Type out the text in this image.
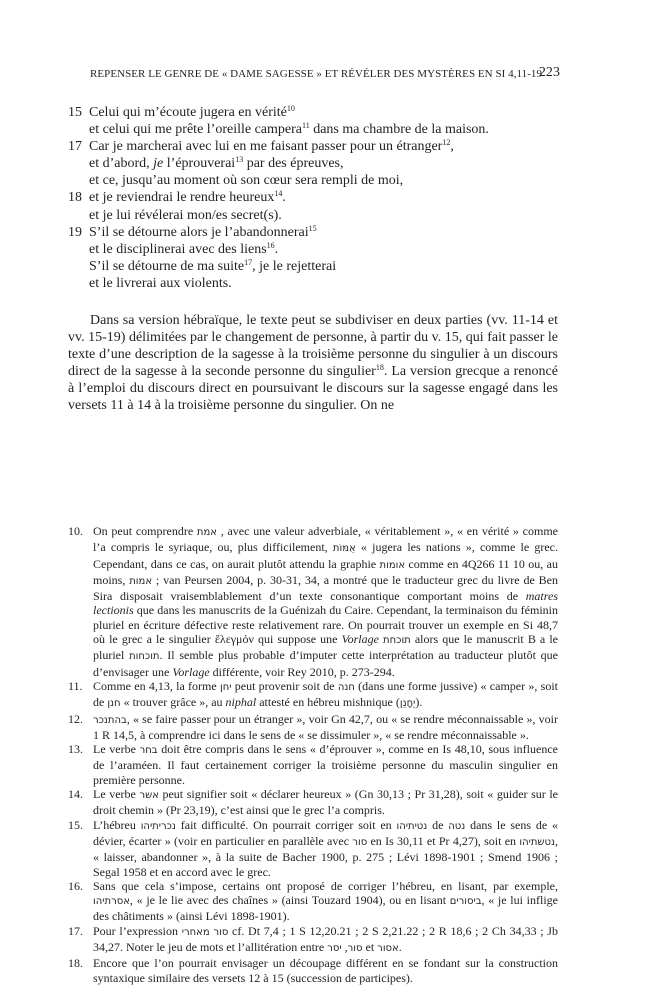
REPENSER LE GENRE DE « DAME SAGESSE » ET RÉVÉLER DES MYSTÈRES EN SI 4,11-19
223
15 Celui qui m’écoute jugera en vérité$^{10}$
et celui qui me prête l’oreille campera$^{11}$ dans ma chambre de la maison.
17 Car je marcherai avec lui en me faisant passer pour un étranger$^{12}$,
et d’abord, je l’éprouverai$^{13}$ par des épreuves,
et ce, jusqu’au moment où son cœur sera rempli de moi,
18 et je reviendrai le rendre heureux$^{14}$.
et je lui révélerai mon/es secret(s).
19 S’il se détourne alors je l’abandonnerai$^{15}$
et le disciplinerai avec des liens$^{16}$.
S’il se détourne de ma suite$^{17}$, je le rejetterai
et le livrerai aux violents.

Dans sa version hébraïque, le texte peut se subdiviser en deux parties (vv. 11-14 et vv. 15-19) délimitées par le changement de personne, à partir du v. 15, qui fait passer le texte d’une description de la sagesse à la troisième personne du singulier à un discours direct de la sagesse à la seconde personne du singulier$^{18}$. La version grecque a renoncé à l’emploi du discours direct en poursuivant le discours sur la sagesse engagé dans les versets 11 à 14 à la troisième personne du singulier. On ne

10. On peut comprendre אמת , avec une valeur adverbiale, « véritablement », « en vérité » comme l’a compris le syriaque, ou, plus difficilement, אֻמּוֹת « jugera les nations », comme le grec. Cependant, dans ce cas, on aurait plutôt attendu la graphie אומות comme en 4Q266 11 10 ou, au moins, אמות ; van Peursen 2004, p. 30-31, 34, a montré que le traducteur grec du livre de Ben Sira disposait vraisemblablement d’un texte consonantique comportant moins de matres lectionis que dans les manuscrits de la Guénizah du Caire. Cependant, la terminaison du féminin pluriel en écriture défective reste relativement rare. On pourrait trouver un exemple en Si 48,7 où le grec a le singulier ἔλεγμόν qui suppose une Vorlage תוכחת alors que le manuscrit B a le pluriel תוכחות. Il semble plus probable d’imputer cette interprétation au traducteur plutôt que d’envisager une Vorlage différente, voir Rey 2010, p. 273-294.

11. Comme en 4,13, la forme יחן peut provenir soit de חנה (dans une forme jussive) « camper », soit de חנן « trouver grâce », au niphal attesté en hébreu mishnique (יֵחָנֵן).

12. בהתנכר, « se faire passer pour un étranger », voir Gn 42,7, ou « se rendre méconnaissable », voir 1 R 14,5, à comprendre ici dans le sens de « se dissimuler », « se rendre méconnaissable ».

13. Le verbe בחר doit être compris dans le sens « d’éprouver », comme en Is 48,10, sous influence de l’araméen. Il faut certainement corriger la troisième personne du masculin singulier en première personne.

14. Le verbe אשר peut signifier soit « déclarer heureux » (Gn 30,13 ; Pr 31,28), soit « guider sur le droit chemin » (Pr 23,19), c’est ainsi que le grec l’a compris.

15. L’hébreu נכריתיהו fait difficulté. On pourrait corriger soit en נטיתיהו de נטה dans le sens de « dévier, écarter » (voir en particulier en parallèle avec סור en Is 30,11 et Pr 4,27), soit en נטשתיהו, « laisser, abandonner », à la suite de Bacher 1900, p. 275 ; Lévi 1898-1901 ; Smend 1906 ; Segal 1958 et en accord avec le grec.

16. Sans que cela s’impose, certains ont proposé de corriger l’hébreu, en lisant, par exemple, אסרתיהו, « je le lie avec des chaînes » (ainsi Touzard 1904), ou en lisant ביסורים, « je lui inflige des châtiments » (ainsi Lévi 1898-1901).

17. Pour l’expression סור מאחרי cf. Dt 7,4 ; 1 S 12,20.21 ; 2 S 2,21.22 ; 2 R 18,6 ; 2 Ch 34,33 ; Jb 34,27. Noter le jeu de mots et l’allitération entre סור, יסר et אסור.

18. Encore que l’on pourrait envisager un découpage différent en se fondant sur la construction syntaxique similaire des versets 12 à 15 (succession de participes).
